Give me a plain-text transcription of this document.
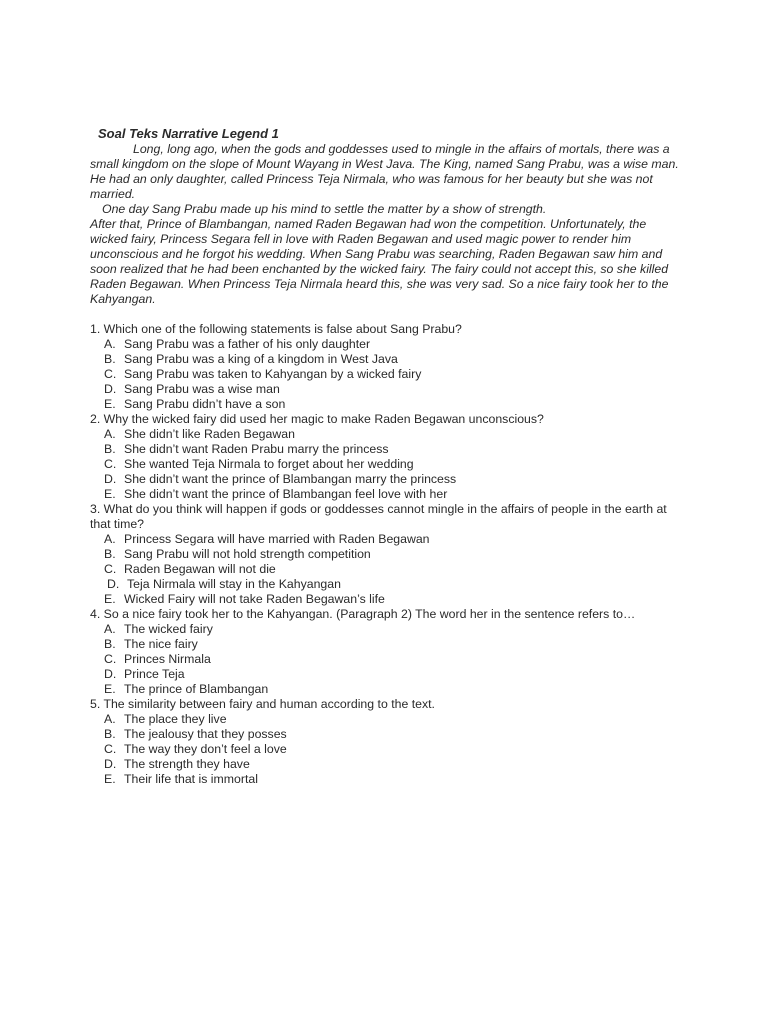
Soal Teks Narrative Legend 1

Long, long ago, when the gods and goddesses used to mingle in the affairs of mortals, there was a small kingdom on the slope of Mount Wayang in West Java. The King, named Sang Prabu, was a wise man. He had an only daughter, called Princess Teja Nirmala, who was famous for her beauty but she was not married.

One day Sang Prabu made up his mind to settle the matter by a show of strength.

After that, Prince of Blambangan, named Raden Begawan had won the competition. Unfortunately, the wicked fairy, Princess Segara fell in love with Raden Begawan and used magic power to render him unconscious and he forgot his wedding. When Sang Prabu was searching, Raden Begawan saw him and soon realized that he had been enchanted by the wicked fairy. The fairy could not accept this, so she killed Raden Begawan. When Princess Teja Nirmala heard this, she was very sad. So a nice fairy took her to the Kahyangan.

1. Which one of the following statements is false about Sang Prabu?

A. Sang Prabu was a father of his only daughter
B. Sang Prabu was a king of a kingdom in West Java
C. Sang Prabu was taken to Kahyangan by a wicked fairy
D. Sang Prabu was a wise man
E. Sang Prabu didn’t have a son

2. Why the wicked fairy did used her magic to make Raden Begawan unconscious?

A. She didn’t like Raden Begawan
B. She didn’t want Raden Prabu marry the princess
C. She wanted Teja Nirmala to forget about her wedding
D. She didn’t want the prince of Blambangan marry the princess
E. She didn’t want the prince of Blambangan feel love with her

3. What do you think will happen if gods or goddesses cannot mingle in the affairs of people in the earth at that time?

A. Princess Segara will have married with Raden Begawan
B. Sang Prabu will not hold strength competition
C. Raden Begawan will not die
D. Teja Nirmala will stay in the Kahyangan
E. Wicked Fairy will not take Raden Begawan’s life

4. So a nice fairy took her to the Kahyangan. (Paragraph 2) The word her in the sentence refers to…

A. The wicked fairy
B. The nice fairy
C. Princes Nirmala
D. Prince Teja
E. The prince of Blambangan

5. The similarity between fairy and human according to the text.

A. The place they live
B. The jealousy that they posses
C. The way they don’t feel a love
D. The strength they have
E. Their life that is immortal
